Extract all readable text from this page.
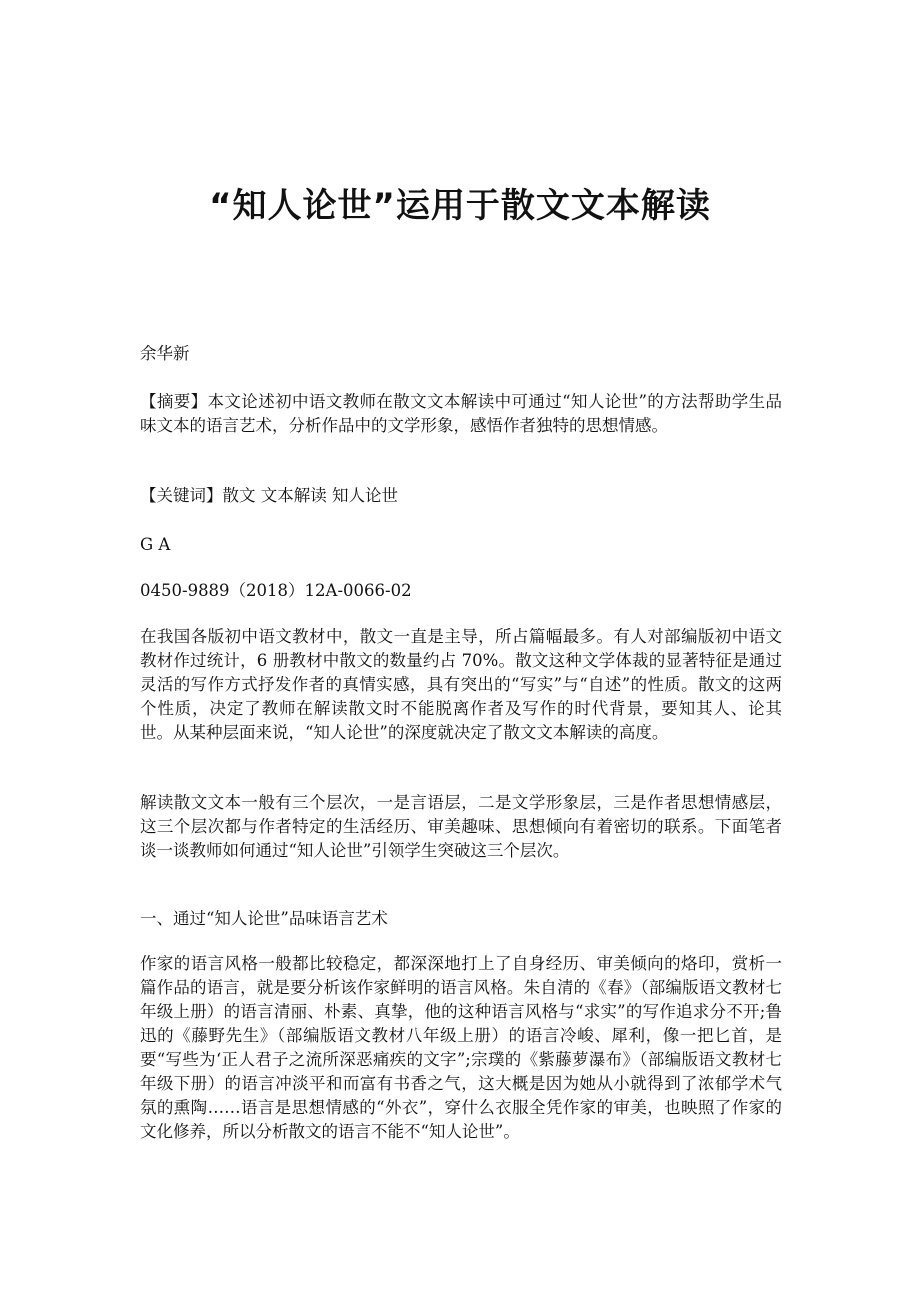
“知人论世”运用于散文文本解读

余华新

【摘要】本文论述初中语文教师在散文文本解读中可通过“知人论世”的方法帮助学生品味文本的语言艺术，分析作品中的文学形象，感悟作者独特的思想情感。

【关键词】散文 文本解读 知人论世

G A

0450-9889（2018）12A-0066-02

在我国各版初中语文教材中，散文一直是主导，所占篇幅最多。有人对部编版初中语文教材作过统计，6 册教材中散文的数量约占 70%。散文这种文学体裁的显著特征是通过灵活的写作方式抒发作者的真情实感，具有突出的“写实”与“自述”的性质。散文的这两个性质，决定了教师在解读散文时不能脱离作者及写作的时代背景，要知其人、论其世。从某种层面来说，“知人论世”的深度就决定了散文文本解读的高度。

解读散文文本一般有三个层次，一是言语层，二是文学形象层，三是作者思想情感层，这三个层次都与作者特定的生活经历、审美趣味、思想倾向有着密切的联系。下面笔者谈一谈教师如何通过“知人论世”引领学生突破这三个层次。

一、通过“知人论世”品味语言艺术

作家的语言风格一般都比较稳定，都深深地打上了自身经历、审美倾向的烙印，赏析一篇作品的语言，就是要分析该作家鲜明的语言风格。朱自清的《春》（部编版语文教材七年级上册）的语言清丽、朴素、真挚，他的这种语言风格与“求实”的写作追求分不开;鲁迅的《藤野先生》（部编版语文教材八年级上册）的语言冷峻、犀利，像一把匕首，是要“写些为‘正人君子之流所深恶痛疾的文字”;宗璞的《紫藤萝瀑布》（部编版语文教材七年级下册）的语言冲淡平和而富有书香之气，这大概是因为她从小就得到了浓郁学术气氛的熏陶……语言是思想情感的“外衣”，穿什么衣服全凭作家的审美，也映照了作家的文化修养，所以分析散文的语言不能不“知人论世”。
